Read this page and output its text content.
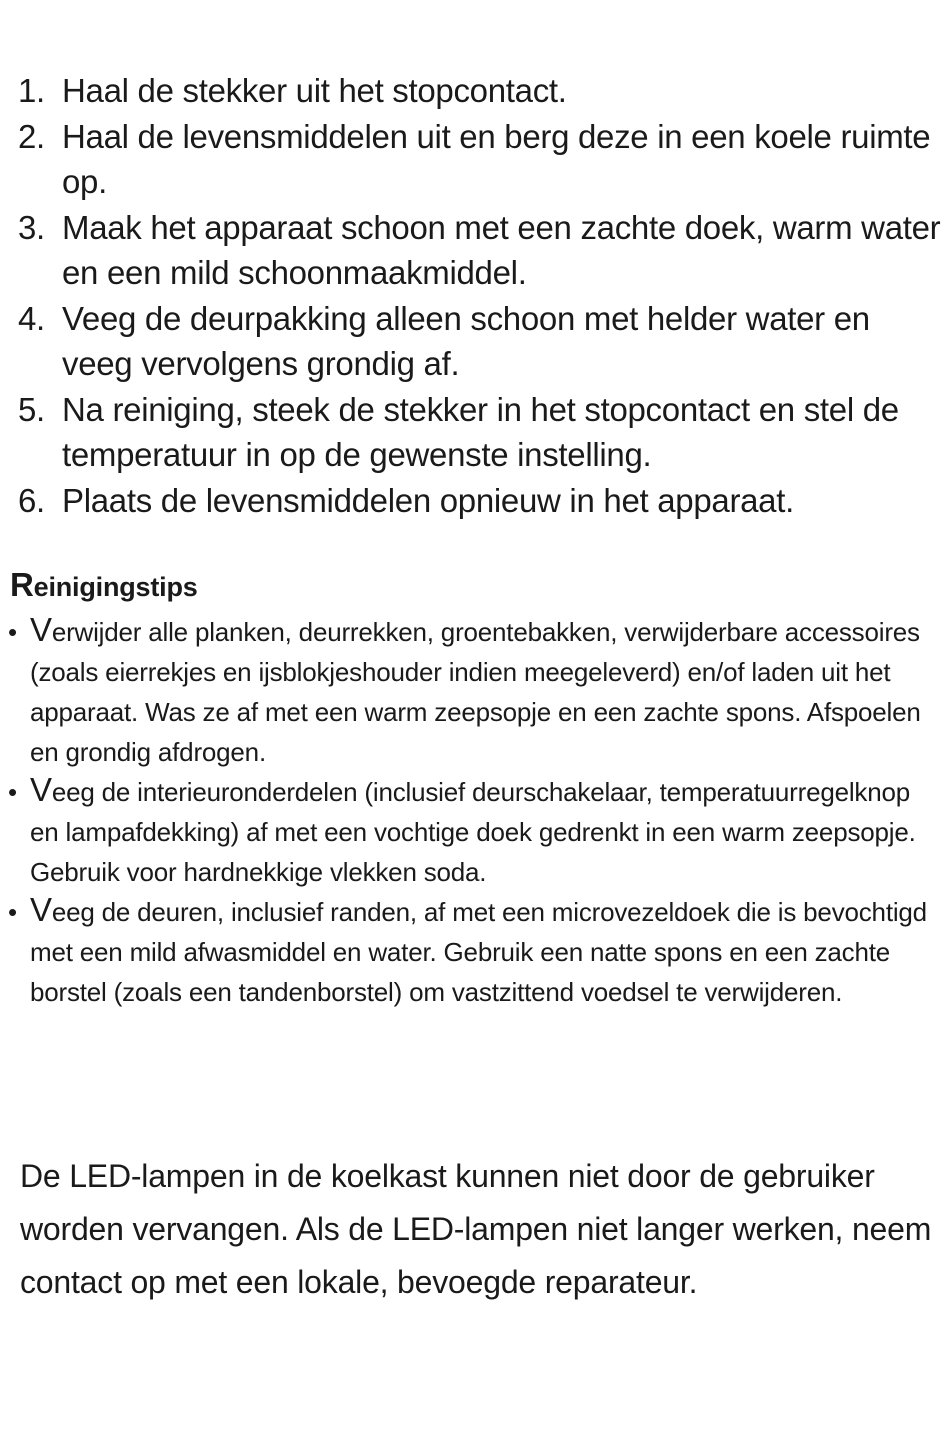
1. Haal de stekker uit het stopcontact.
2. Haal de levensmiddelen uit en berg deze in een koele ruimte op.
3. Maak het apparaat schoon met een zachte doek, warm water en een mild schoonmaakmiddel.
4. Veeg de deurpakking alleen schoon met helder water en veeg vervolgens grondig af.
5. Na reiniging, steek de stekker in het stopcontact en stel de temperatuur in op de gewenste instelling.
6. Plaats de levensmiddelen opnieuw in het apparaat.
Reinigingstips
• Verwijder alle planken, deurrekken, groentebakken, verwijderbare accessoires (zoals eierrekjes en ijsblokjeshouder indien meegeleverd) en/of laden uit het apparaat. Was ze af met een warm zeepsopje en een zachte spons. Afspoelen en grondig afdrogen.
• Veeg de interieuronderdelen (inclusief deurschakelaar, temperatuurregelknop en lampafdekking) af met een vochtige doek gedrenkt in een warm zeepsopje. Gebruik voor hardnekkige vlekken soda.
• Veeg de deuren, inclusief randen, af met een microvezeldoek die is bevochtigd met een mild afwasmiddel en water. Gebruik een natte spons en een zachte borstel (zoals een tandenborstel) om vastzittend voedsel te verwijderen.

De LED-lampen in de koelkast kunnen niet door de gebruiker worden vervangen. Als de LED-lampen niet langer werken, neem contact op met een lokale, bevoegde reparateur.
